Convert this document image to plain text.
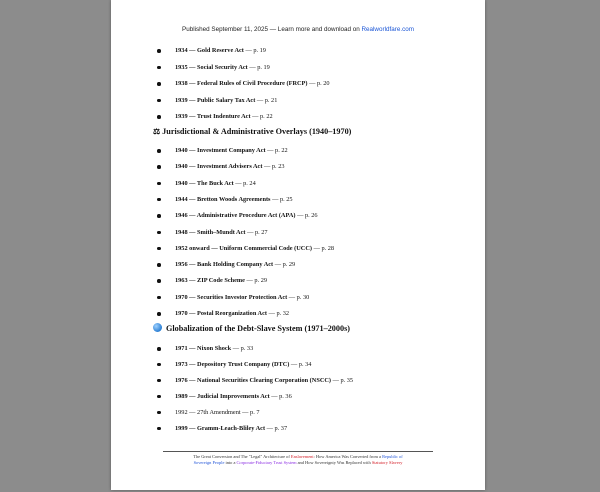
Published September 11, 2025 — Learn more and download on Realworldfare.com
1934 — Gold Reserve Act — p. 19
1935 — Social Security Act — p. 19
1938 — Federal Rules of Civil Procedure (FRCP) — p. 20
1939 — Public Salary Tax Act — p. 21
1939 — Trust Indenture Act — p. 22
⚖ Jurisdictional & Administrative Overlays (1940–1970)
1940 — Investment Company Act — p. 22
1940 — Investment Advisers Act — p. 23
1940 — The Buck Act — p. 24
1944 — Bretton Woods Agreements — p. 25
1946 — Administrative Procedure Act (APA) — p. 26
1948 — Smith–Mundt Act — p. 27
1952 onward — Uniform Commercial Code (UCC) — p. 28
1956 — Bank Holding Company Act — p. 29
1963 — ZIP Code Scheme — p. 29
1970 — Securities Investor Protection Act — p. 30
1970 — Postal Reorganization Act — p. 32
Globalization of the Debt-Slave System (1971–2000s)
1971 — Nixon Shock — p. 33
1973 — Depository Trust Company (DTC) — p. 34
1976 — National Securities Clearing Corporation (NSCC) — p. 35
1989 — Judicial Improvements Act — p. 36
1992 — 27th Amendment — p. 7
1999 — Gramm-Leach-Bliley Act — p. 37
The Great Conversion and The "Legal" Architecture of Enslavement: How America Was Converted from a Republic of
Sovereign People into a Corporate-Fiduciary Trust System and How Sovereignty Was Replaced with Statutory Slavery
